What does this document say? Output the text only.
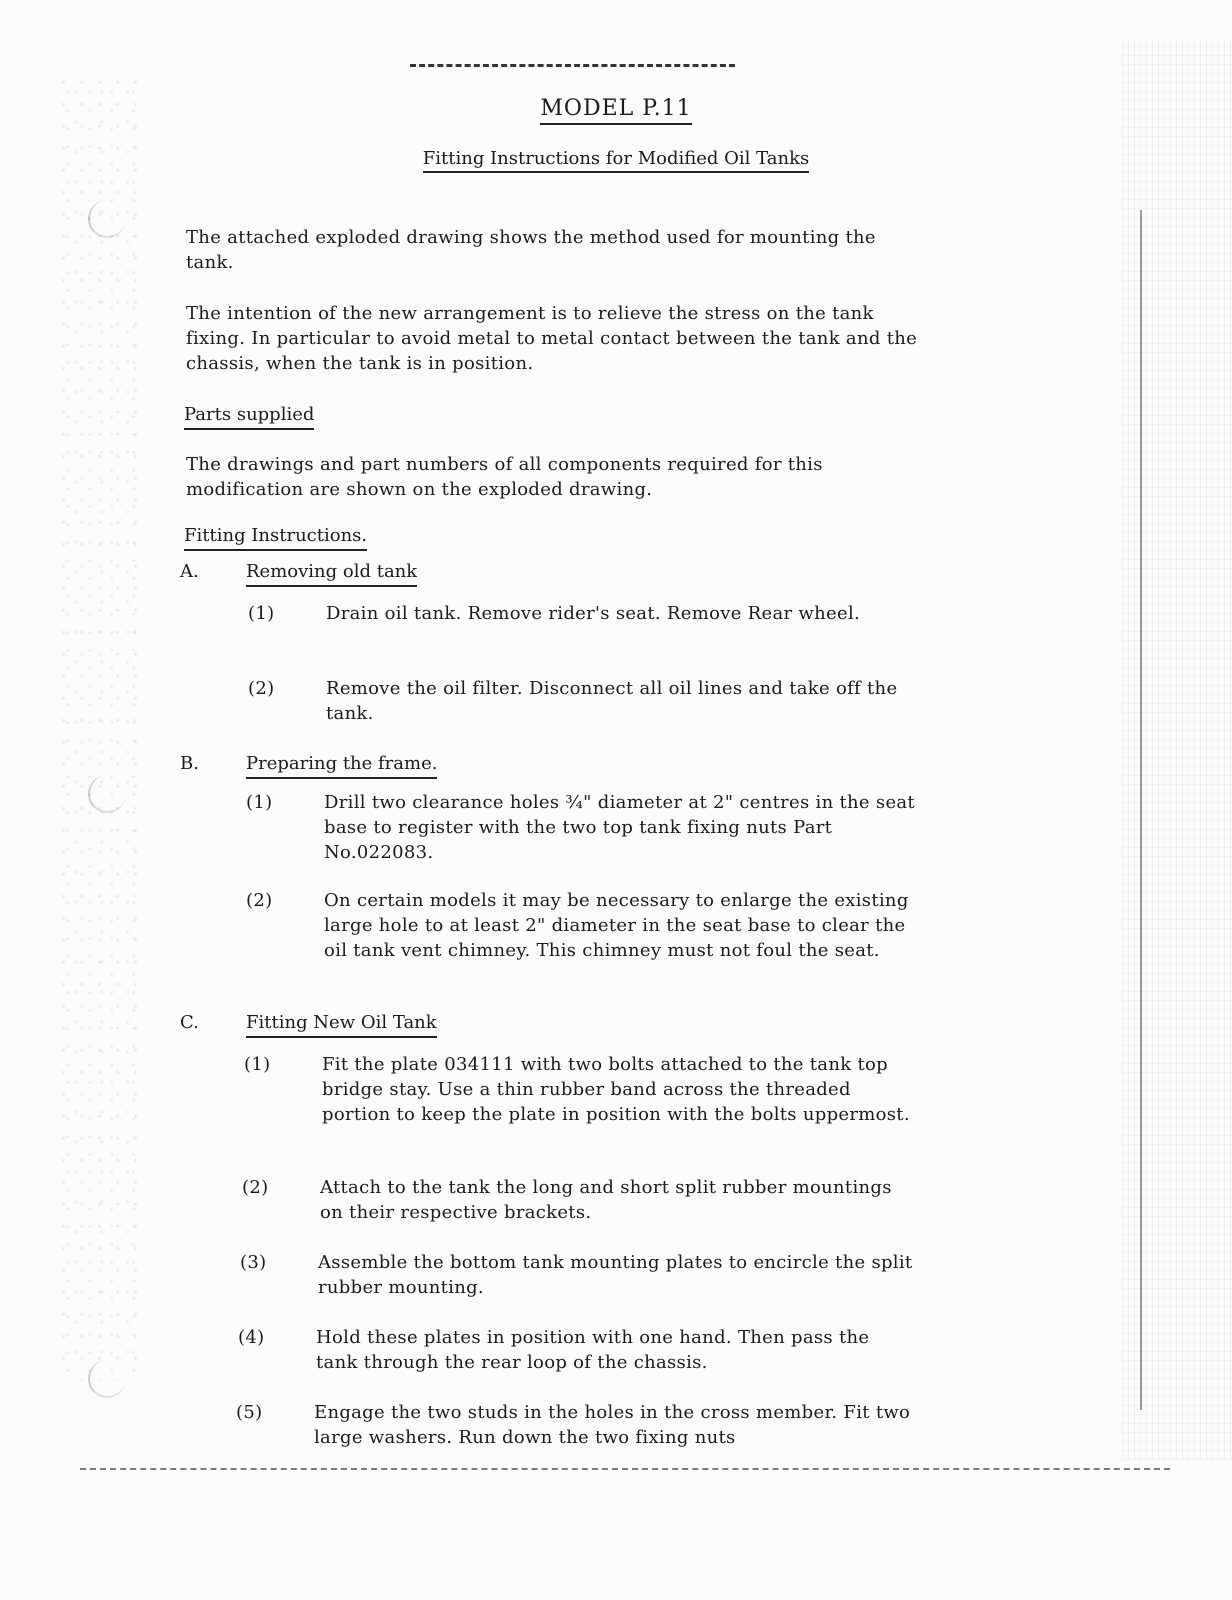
MODEL P.11
Fitting Instructions for Modified Oil Tanks
The attached exploded drawing shows the method used for mounting the tank.
The intention of the new arrangement is to relieve the stress on the tank fixing. In particular to avoid metal to metal contact between the tank and the chassis, when the tank is in position.
Parts supplied
The drawings and part numbers of all components required for this modification are shown on the exploded drawing.
Fitting Instructions.
A.	Removing old tank
(1)	Drain oil tank. Remove rider's seat. Remove Rear wheel.
(2)	Remove the oil filter. Disconnect all oil lines and take off the tank.
B.	Preparing the frame.
(1)	Drill two clearance holes ¾" diameter at 2" centres in the seat base to register with the two top tank fixing nuts Part No.022083.
(2)	On certain models it may be necessary to enlarge the existing large hole to at least 2" diameter in the seat base to clear the oil tank vent chimney. This chimney must not foul the seat.
C.	Fitting New Oil Tank
(1)	Fit the plate 034111 with two bolts attached to the tank top bridge stay. Use a thin rubber band across the threaded portion to keep the plate in position with the bolts uppermost.
(2)	Attach to the tank the long and short split rubber mountings on their respective brackets.
(3)	Assemble the bottom tank mounting plates to encircle the split rubber mounting.
(4)	Hold these plates in position with one hand. Then pass the tank through the rear loop of the chassis.
(5)	Engage the two studs in the holes in the cross member. Fit two large washers. Run down the two fixing nuts
